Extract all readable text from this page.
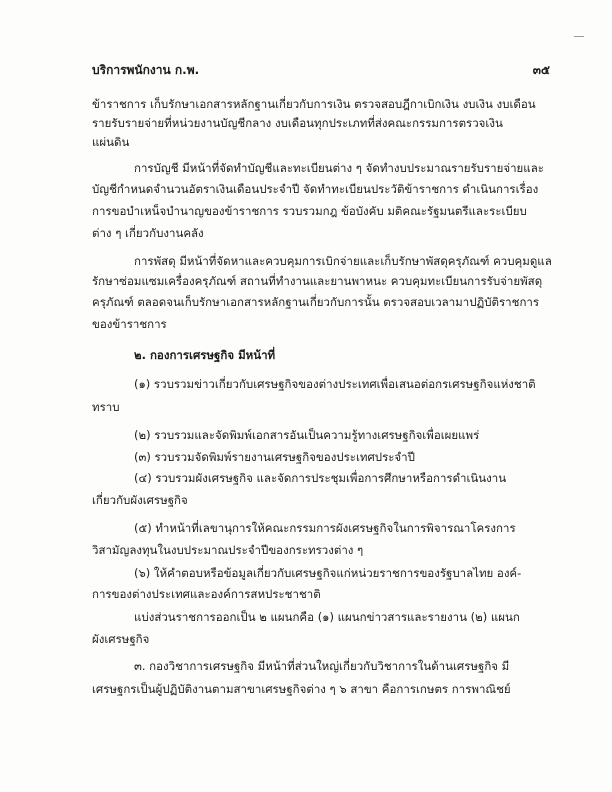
บริการพนักงาน ก.พ.	๓๕
ข้าราชการ เก็บรักษาเอกสารหลักฐานเกี่ยวกับการเงิน ตรวจสอบฎีกาเบิกเงิน งบเงิน งบเดือน
รายรับรายจ่ายที่หน่วยงานบัญชีกลาง งบเดือนทุกประเภทที่ส่งคณะกรรมการตรวจเงิน
แผ่นดิน
การบัญชี มีหน้าที่จัดทำบัญชีและทะเบียนต่าง ๆ จัดทำงบประมาณรายรับรายจ่ายและ
บัญชีกำหนดจำนวนอัตราเงินเดือนประจำปี จัดทำทะเบียนประวัติข้าราชการ ดำเนินการเรื่อง
การขอบำเหน็จบำนาญของข้าราชการ รวบรวมกฎ ข้อบังคับ มติคณะรัฐมนตรีและระเบียบ
ต่าง ๆ เกี่ยวกับงานคลัง
การพัสดุ มีหน้าที่จัดหาและควบคุมการเบิกจ่ายและเก็บรักษาพัสดุครุภัณฑ์ ควบคุมดูแล
รักษาซ่อมแซมเครื่องครุภัณฑ์ สถานที่ทำงานและยานพาหนะ ควบคุมทะเบียนการรับจ่ายพัสดุ
ครุภัณฑ์ ตลอดจนเก็บรักษาเอกสารหลักฐานเกี่ยวกับการนั้น ตรวจสอบเวลามาปฏิบัติราชการ
ของข้าราชการ
๒. กองการเศรษฐกิจ มีหน้าที่
(๑) รวบรวมข่าวเกี่ยวกับเศรษฐกิจของต่างประเทศเพื่อเสนอต่อกรเศรษฐกิจแห่งชาติ
ทราบ
(๒) รวบรวมและจัดพิมพ์เอกสารอันเป็นความรู้ทางเศรษฐกิจเพื่อเผยแพร่
(๓) รวบรวมจัดพิมพ์รายงานเศรษฐกิจของประเทศประจำปี
(๔) รวบรวมผังเศรษฐกิจ และจัดการประชุมเพื่อการศึกษาหรือการดำเนินงาน
เกี่ยวกับผังเศรษฐกิจ
(๕) ทำหน้าที่เลขานุการให้คณะกรรมการผังเศรษฐกิจในการพิจารณาโครงการ
วิสามัญลงทุนในงบประมาณประจำปีของกระทรวงต่าง ๆ
(๖) ให้คำตอบหรือข้อมูลเกี่ยวกับเศรษฐกิจแก่หน่วยราชการของรัฐบาลไทย องค์-
การของต่างประเทศและองค์การสหประชาชาติ
แบ่งส่วนราชการออกเป็น ๒ แผนกคือ (๑) แผนกข่าวสารและรายงาน (๒) แผนก
ผังเศรษฐกิจ
๓. กองวิชาการเศรษฐกิจ มีหน้าที่ส่วนใหญ่เกี่ยวกับวิชาการในด้านเศรษฐกิจ มี
เศรษฐกรเป็นผู้ปฏิบัติงานตามสาขาเศรษฐกิจต่าง ๆ ๖ สาขา คือการเกษตร การพาณิชย์
